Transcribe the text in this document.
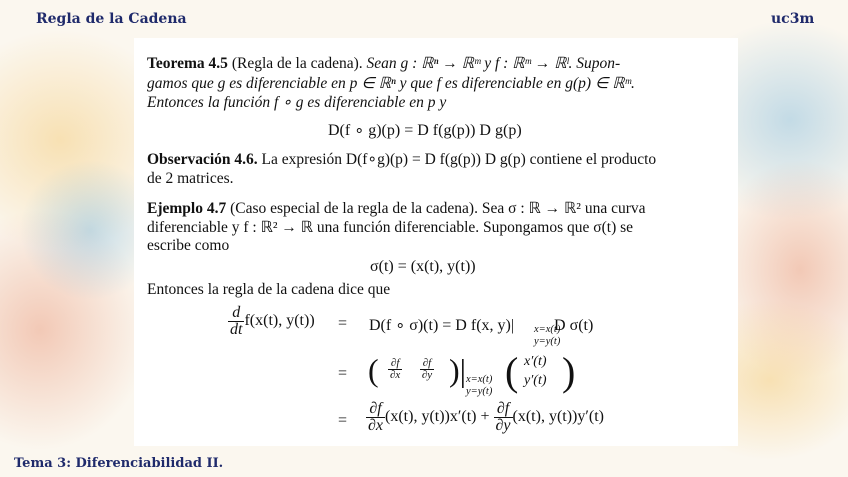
Regla de la Cadena	uc3m
Teorema 4.5 (Regla de la cadena). Sean g : ℝⁿ → ℝᵐ y f : ℝᵐ → ℝˡ. Supon-
gamos que g es diferenciable en p ∈ ℝⁿ y que f es diferenciable en g(p) ∈ ℝᵐ.
Entonces la función f ∘ g es diferenciable en p y
D(f ∘ g)(p) = D f(g(p)) D g(p)
Observación 4.6. La expresión D(f∘g)(p) = D f(g(p)) D g(p) contiene el producto
de 2 matrices.
Ejemplo 4.7 (Caso especial de la regla de la cadena). Sea σ : ℝ → ℝ² una curva
diferenciable y f : ℝ² → ℝ una función diferenciable. Supongamos que σ(t) se
escribe como
σ(t) = (x(t), y(t))
Entonces la regla de la cadena dice que
$\frac{d}{dt} f(x(t)$, y(t)) = D(f ∘ σ)(t) = D f(x, y)|	D σ(t)
x=x(t)
y=y(t)
= ( $\frac{\partial f}{\partial x}$
$\frac{\partial f}{\partial y}$ )| x=x(t)
y=y(t) ( x′(t)
y′(t) )
= $\frac{\partial f}{\partial x} (x(t)$, $y(t))x'(t) + \frac{\partial f}{\partial y} (x(t)$, y(t))y′(t)
Tema 3: Diferenciabilidad II.
